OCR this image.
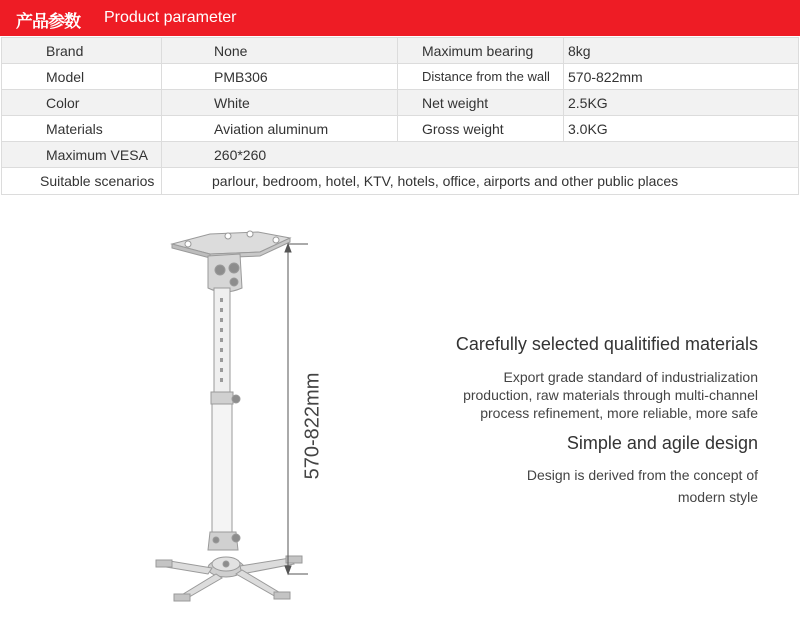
产品参数 Product parameter
Brand	None	Maximum bearing	8kg
Model	PMB306	Distance from the wall	570-822mm
Color	White	Net weight	2.5KG
Materials	Aviation aluminum	Gross weight	3.0KG
Maximum VESA	260*260		
Suitable scenarios	parlour, bedroom, hotel, KTV, hotels, office, airports and other public places		
570-822mm
Carefully selected qualitified materials
Export grade standard of industrialization
production, raw materials through multi-channel
process refinement, more reliable, more safe
Simple and agile design
Design is derived from the concept of
modern style
